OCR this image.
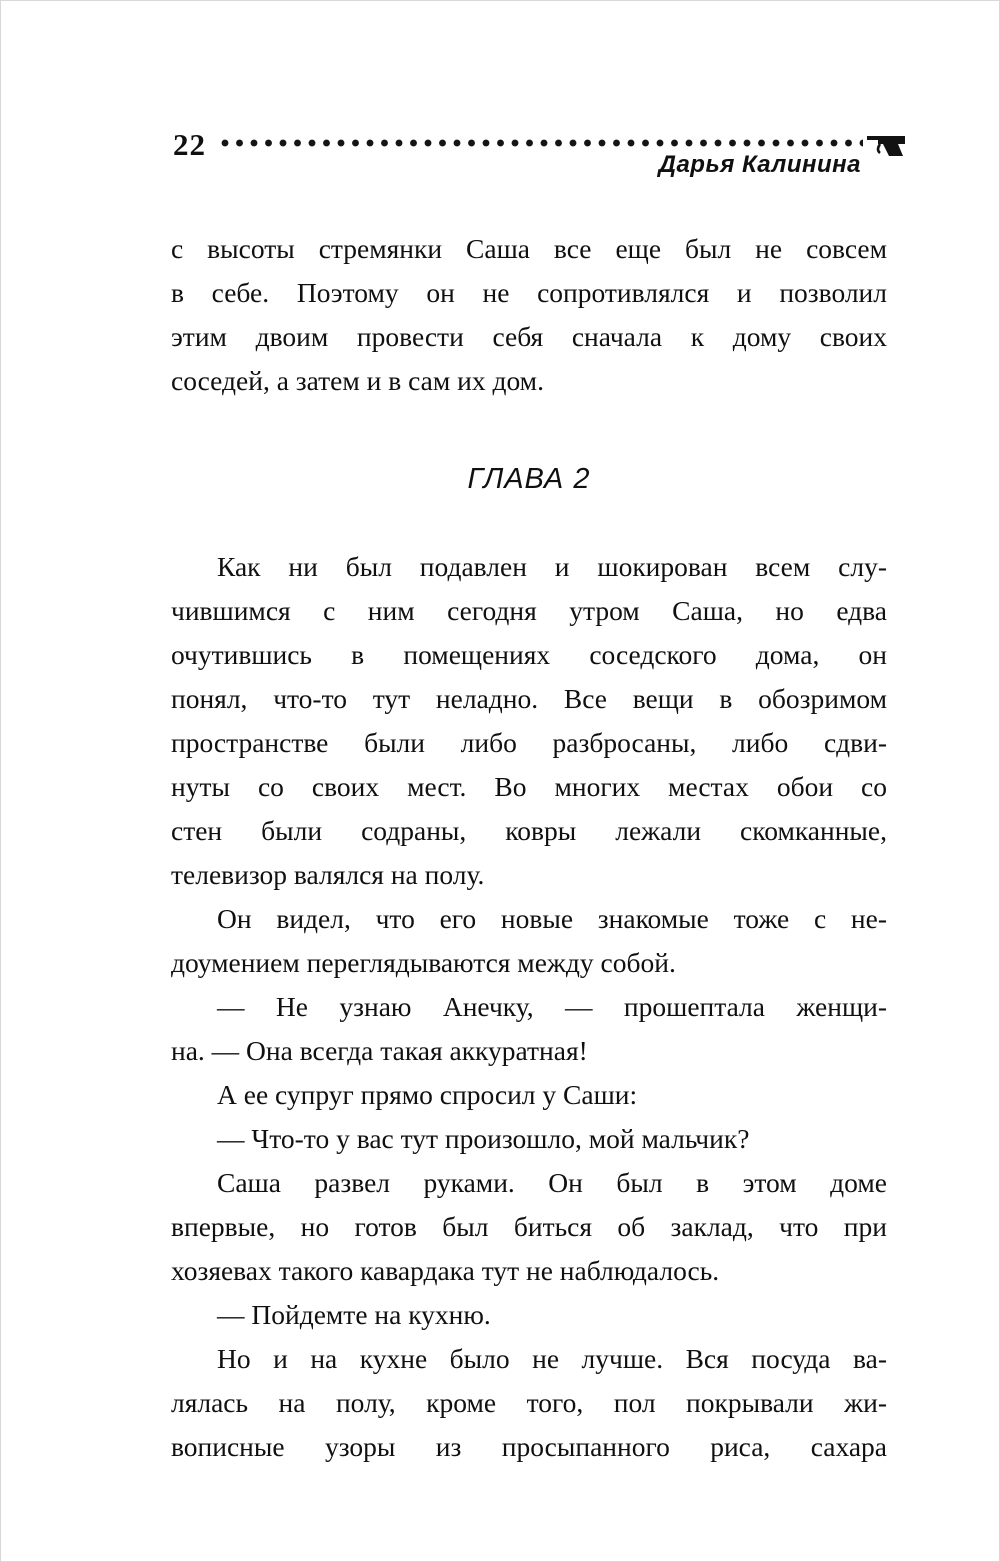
22
Дарья Калинина
с высоты стремянки Саша все еще был не совсем
в себе. Поэтому он не сопротивлялся и позволил
этим двоим провести себя сначала к дому своих
соседей, а затем и в сам их дом.
ГЛАВА 2
Как ни был подавлен и шокирован всем слу-
чившимся с ним сегодня утром Саша, но едва
очутившись в помещениях соседского дома, он
понял, что-то тут неладно. Все вещи в обозримом
пространстве были либо разбросаны, либо сдви-
нуты со своих мест. Во многих местах обои со
стен были содраны, ковры лежали скомканные,
телевизор валялся на полу.
Он видел, что его новые знакомые тоже с не-
доумением переглядываются между собой.
— Не узнаю Анечку, — прошептала женщи-
на. — Она всегда такая аккуратная!
А ее супруг прямо спросил у Саши:
— Что-то у вас тут произошло, мой мальчик?
Саша развел руками. Он был в этом доме
впервые, но готов был биться об заклад, что при
хозяевах такого кавардака тут не наблюдалось.
— Пойдемте на кухню.
Но и на кухне было не лучше. Вся посуда ва-
лялась на полу, кроме того, пол покрывали жи-
вописные узоры из просыпанного риса, сахара
